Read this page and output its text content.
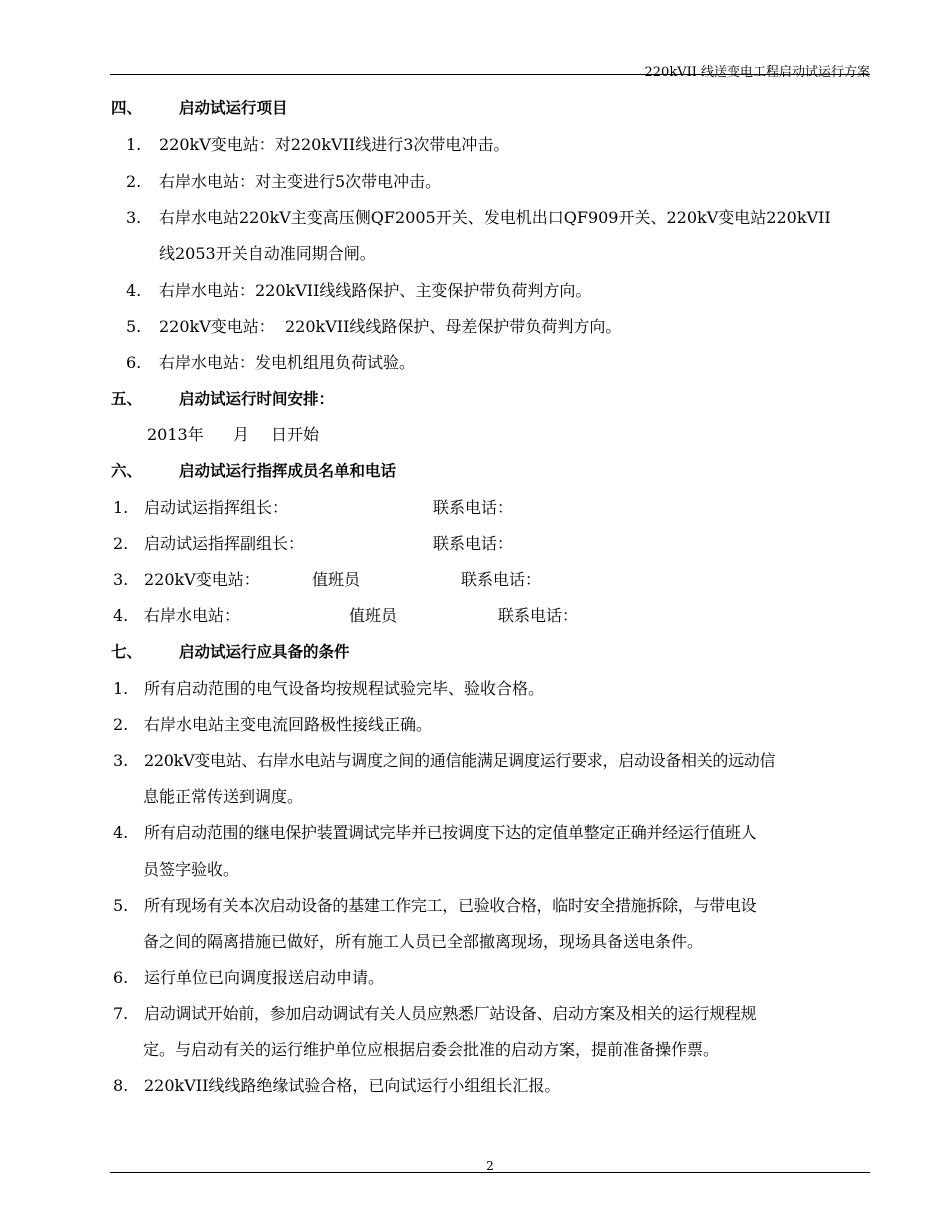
220kVII 线送变电工程启动试运行方案
四、 启动试运行项目
1. 220kV变电站：对220kVII线进行3次带电冲击。
2. 右岸水电站：对主变进行5次带电冲击。
3. 右岸水电站220kV主变高压侧QF2005开关、发电机出口QF909开关、220kV变电站220kVII
线2053开关自动准同期合闸。
4. 右岸水电站：220kVII线线路保护、主变保护带负荷判方向。
5. 220kV变电站：  220kVII线线路保护、母差保护带负荷判方向。
6. 右岸水电站：发电机组甩负荷试验。
五、 启动试运行时间安排：
2013年 月 日开始
六、 启动试运行指挥成员名单和电话
1. 启动试运指挥组长：	联系电话：
2. 启动试运指挥副组长：	联系电话：
3. 220kV变电站：	值班员	联系电话：
4. 右岸水电站：	值班员	联系电话：
七、 启动试运行应具备的条件
1. 所有启动范围的电气设备均按规程试验完毕、验收合格。
2. 右岸水电站主变电流回路极性接线正确。
3. 220kV变电站、右岸水电站与调度之间的通信能满足调度运行要求，启动设备相关的远动信
息能正常传送到调度。
4. 所有启动范围的继电保护装置调试完毕并已按调度下达的定值单整定正确并经运行值班人
员签字验收。
5. 所有现场有关本次启动设备的基建工作完工，已验收合格，临时安全措施拆除，与带电设
备之间的隔离措施已做好，所有施工人员已全部撤离现场，现场具备送电条件。
6. 运行单位已向调度报送启动申请。
7. 启动调试开始前，参加启动调试有关人员应熟悉厂站设备、启动方案及相关的运行规程规
定。与启动有关的运行维护单位应根据启委会批准的启动方案，提前准备操作票。
8. 220kVII线线路绝缘试验合格，已向试运行小组组长汇报。
2
